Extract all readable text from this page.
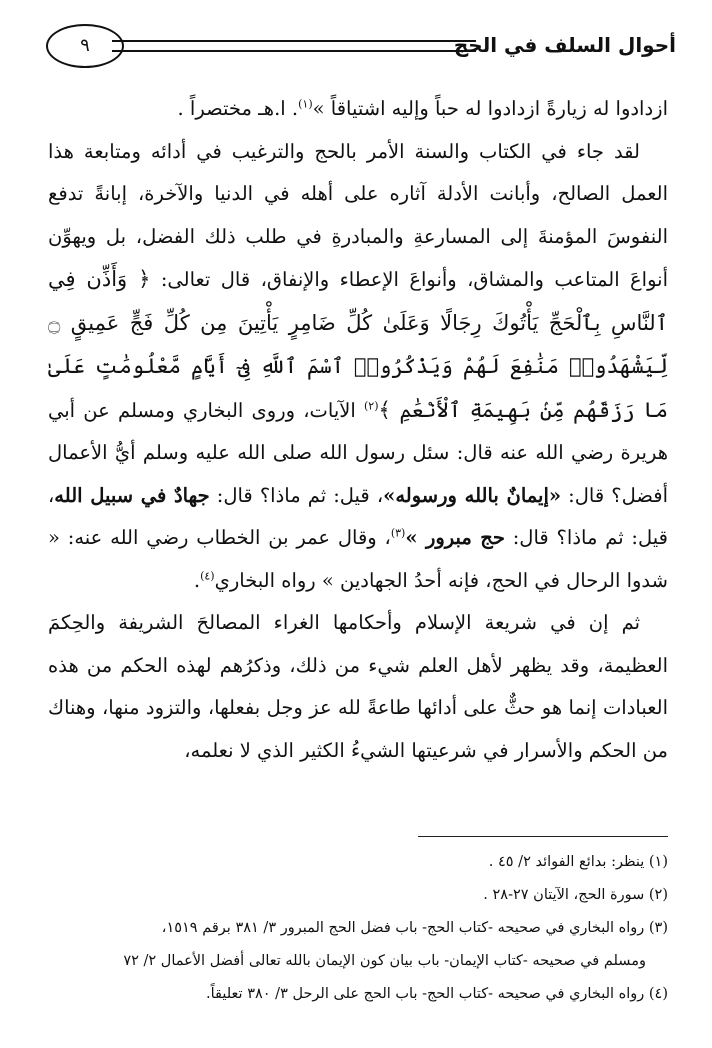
أحوال السلف في الحج
٩

ازدادوا له زيارةً ازدادوا له حباً وإليه اشتياقاً »$^{(١)}$. ا.هـ مختصراً .

لقد جاء في الكتاب والسنة الأمر بالحج والترغيب في أدائه ومتابعة هذا العمل الصالح، وأبانت الأدلة آثاره على أهله في الدنيا والآخرة، إبانةً تدفع النفوسَ المؤمنةَ إلى المسارعةِ والمبادرةِ في طلب ذلك الفضل، بل ويهوِّن أنواعَ المتاعب والمشاق، وأنواعَ الإعطاء والإنفاق، قال تعالى: ﴿ وَأَذِّن فِي ٱلنَّاسِ بِٱلْحَجِّ يَأْتُوكَ رِجَالًا وَعَلَىٰ كُلِّ ضَامِرٍ يَأْتِينَ مِن كُلِّ فَجٍّ عَمِيقٍ ۝ لِّيَشْهَدُوا۟ مَنَٰفِعَ لَهُمْ وَيَذْكُرُوا۟ ٱسْمَ ٱللَّهِ فِىٓ أَيَّامٍ مَّعْلُومَٰتٍ عَلَىٰ مَا رَزَقَهُم مِّنۢ بَهِيمَةِ ٱلْأَنْعَٰمِ ﴾$^{(٢)}$ الآيات، وروى البخاري ومسلم عن أبي هريرة رضي الله عنه قال: سئل رسول الله صلى الله عليه وسلم أيُّ الأعمال أفضل؟ قال: «إيمانٌ بالله ورسوله»، قيل: ثم ماذا؟ قال: جهادٌ في سبيل الله، قيل: ثم ماذا؟ قال: حج مبرور »$^{(٣)}$، وقال عمر بن الخطاب رضي الله عنه: « شدوا الرحال في الحج، فإنه أحدُ الجهادين » رواه البخاري$^{(٤)}$.

ثم إن في شريعة الإسلام وأحكامها الغراء المصالحَ الشريفة والحِكمَ العظيمة، وقد يظهر لأهل العلم شيء من ذلك، وذكرُهم لهذه الحكم من هذه العبادات إنما هو حثٌّ على أدائها طاعةً لله عز وجل بفعلها، والتزود منها، وهناك من الحكم والأسرار في شرعيتها الشيءُ الكثير الذي لا نعلمه،

(١) ينظر: بدائع الفوائد ٢/ ٤٥ .
(٢) سورة الحج، الآيتان ٢٧-٢٨ .
(٣) رواه البخاري في صحيحه -كتاب الحج- باب فضل الحج المبرور ٣/ ٣٨١ برقم ١٥١٩،
ومسلم في صحيحه -كتاب الإيمان- باب بيان كون الإيمان بالله تعالى أفضل الأعمال ٢/ ٧٢
(٤) رواه البخاري في صحيحه -كتاب الحج- باب الحج على الرحل ٣/ ٣٨٠ تعليقاً.
